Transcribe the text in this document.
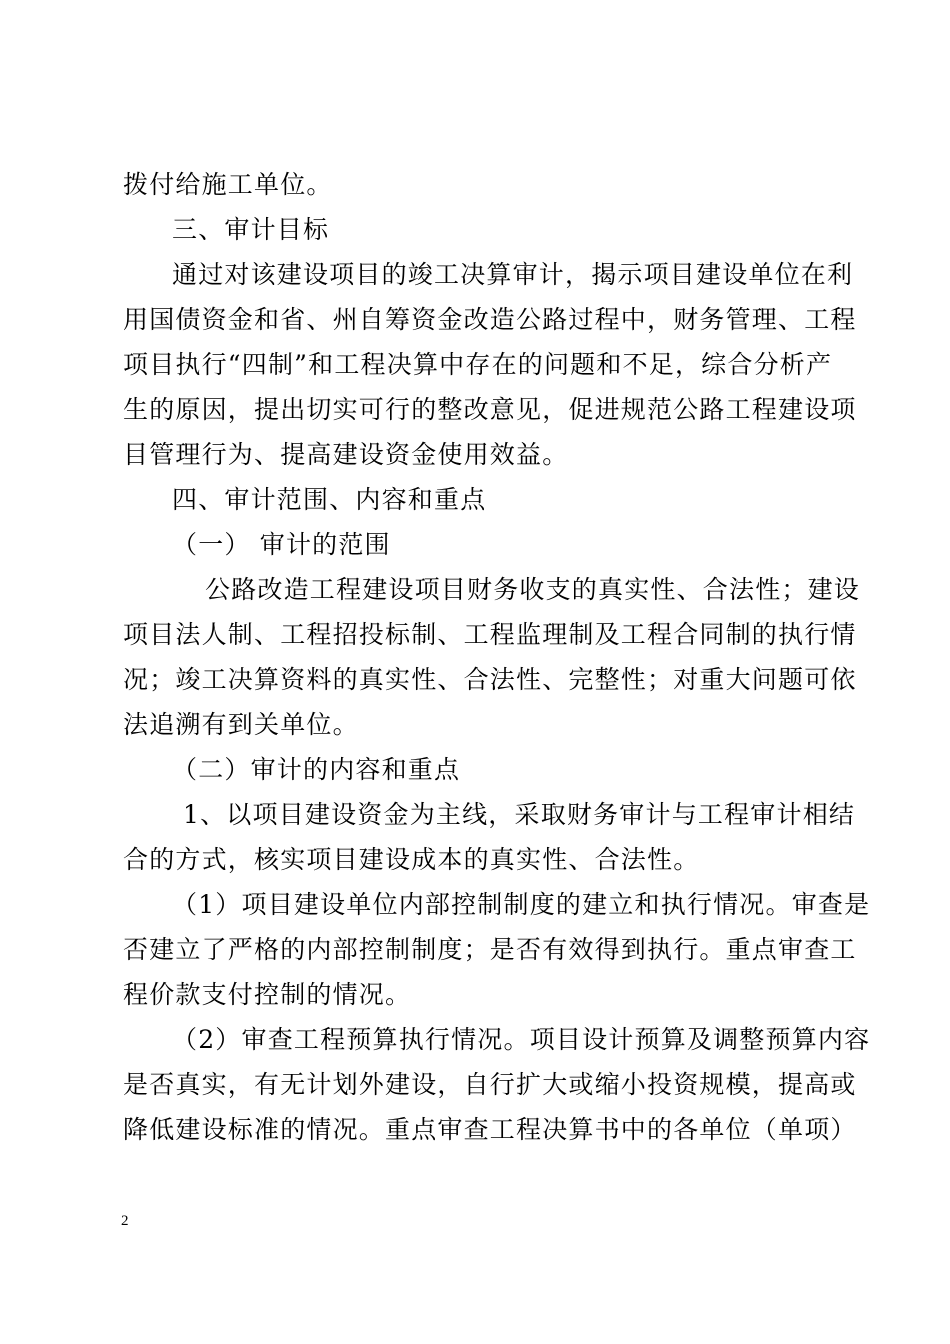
拨付给施工单位。
三、审计目标
通过对该建设项目的竣工决算审计，揭示项目建设单位在利
用国债资金和省、州自筹资金改造公路过程中，财务管理、工程
项目执行“四制”和工程决算中存在的问题和不足，综合分析产
生的原因，提出切实可行的整改意见，促进规范公路工程建设项
目管理行为、提高建设资金使用效益。
四、审计范围、内容和重点
（一） 审计的范围
公路改造工程建设项目财务收支的真实性、合法性；建设
项目法人制、工程招投标制、工程监理制及工程合同制的执行情
况；竣工决算资料的真实性、合法性、完整性；对重大问题可依
法追溯有到关单位。
（二）审计的内容和重点
1、以项目建设资金为主线，采取财务审计与工程审计相结
合的方式，核实项目建设成本的真实性、合法性。
（1）项目建设单位内部控制制度的建立和执行情况。审查是
否建立了严格的内部控制制度；是否有效得到执行。重点审查工
程价款支付控制的情况。
（2）审查工程预算执行情况。项目设计预算及调整预算内容
是否真实，有无计划外建设，自行扩大或缩小投资规模，提高或
降低建设标准的情况。重点审查工程决算书中的各单位（单项）
2
